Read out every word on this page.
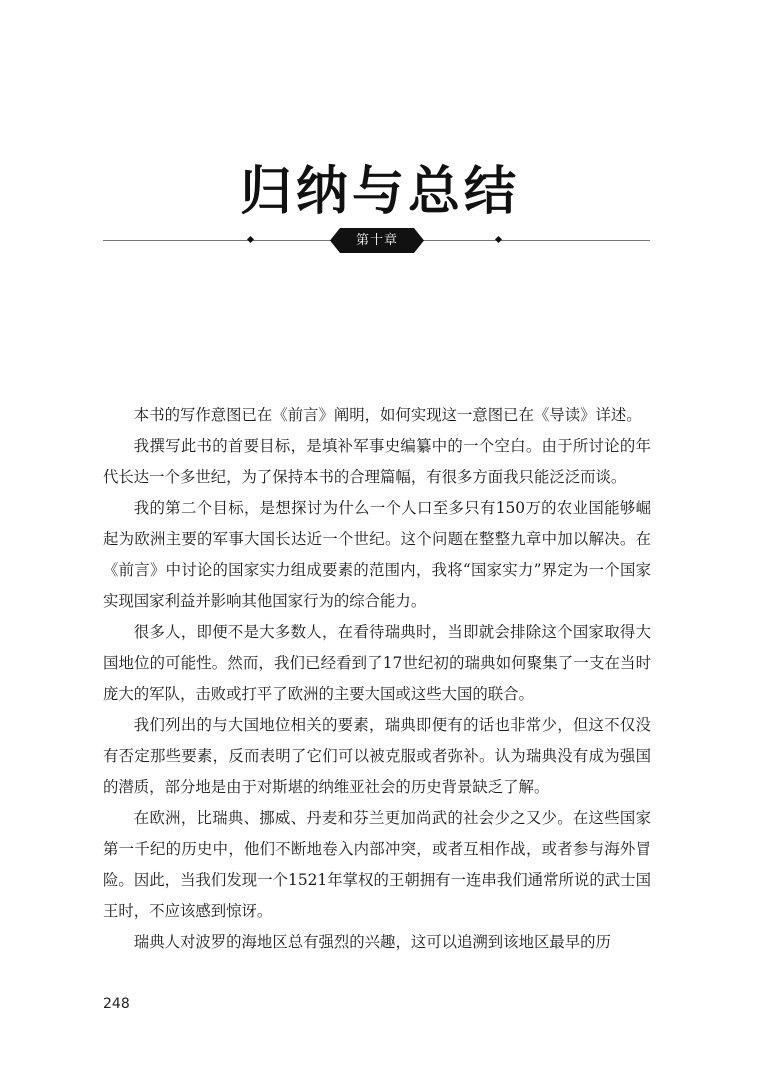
归纳与总结
第十章

本书的写作意图已在《前言》阐明，如何实现这一意图已在《导读》详述。

我撰写此书的首要目标，是填补军事史编纂中的一个空白。由于所讨论的年代长达一个多世纪，为了保持本书的合理篇幅，有很多方面我只能泛泛而谈。

我的第二个目标，是想探讨为什么一个人口至多只有150万的农业国能够崛起为欧洲主要的军事大国长达近一个世纪。这个问题在整整九章中加以解决。在《前言》中讨论的国家实力组成要素的范围内，我将“国家实力”界定为一个国家实现国家利益并影响其他国家行为的综合能力。

很多人，即便不是大多数人，在看待瑞典时，当即就会排除这个国家取得大国地位的可能性。然而，我们已经看到了17世纪初的瑞典如何聚集了一支在当时庞大的军队，击败或打平了欧洲的主要大国或这些大国的联合。

我们列出的与大国地位相关的要素，瑞典即便有的话也非常少，但这不仅没有否定那些要素，反而表明了它们可以被克服或者弥补。认为瑞典没有成为强国的潜质，部分地是由于对斯堪的纳维亚社会的历史背景缺乏了解。

在欧洲，比瑞典、挪威、丹麦和芬兰更加尚武的社会少之又少。在这些国家第一千纪的历史中，他们不断地卷入内部冲突，或者互相作战，或者参与海外冒险。因此，当我们发现一个1521年掌权的王朝拥有一连串我们通常所说的武士国王时，不应该感到惊讶。

瑞典人对波罗的海地区总有强烈的兴趣，这可以追溯到该地区最早的历

248
